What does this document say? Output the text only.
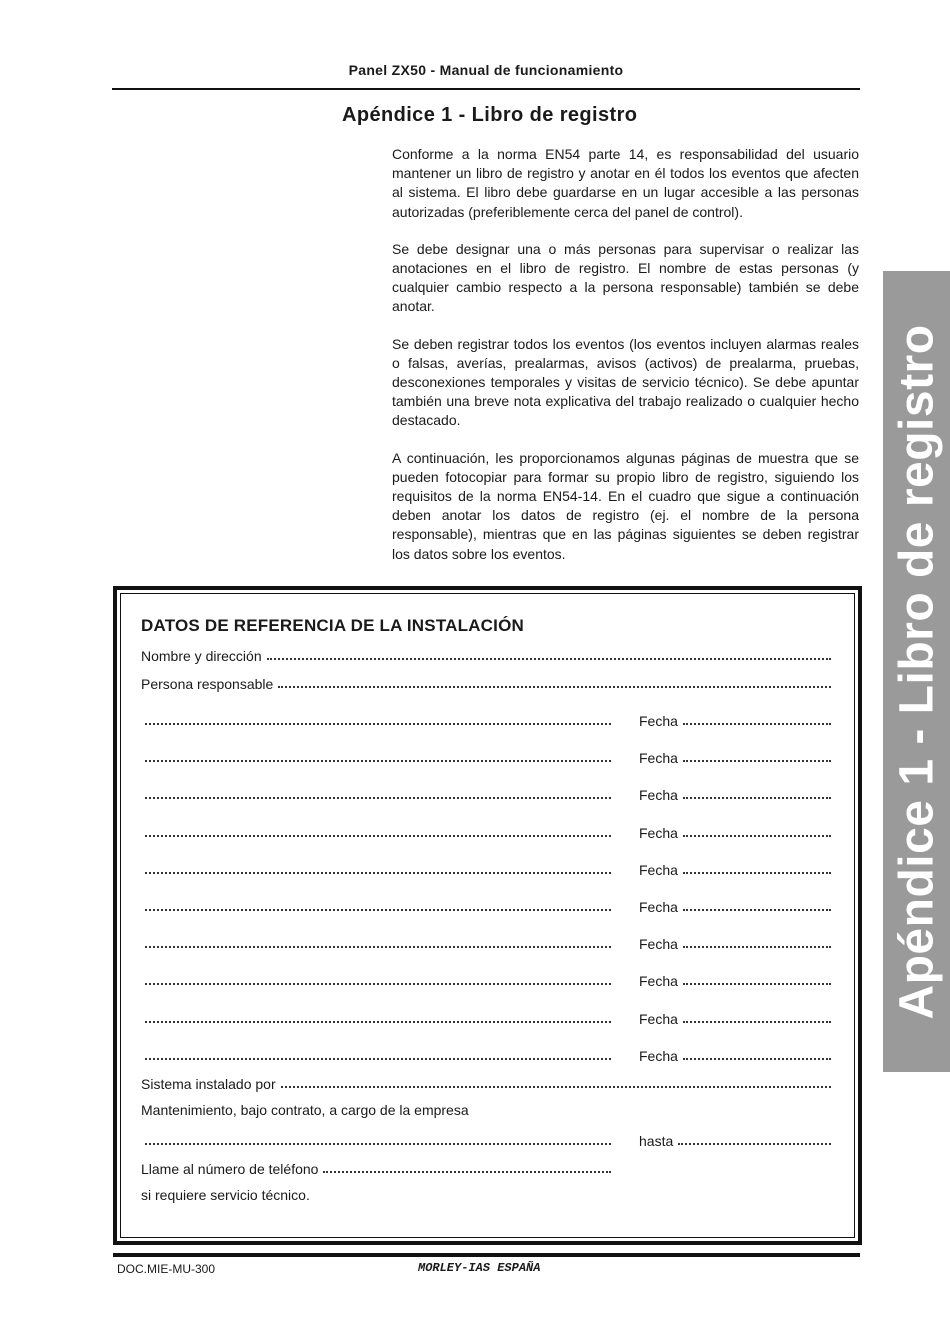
Panel ZX50 - Manual de funcionamiento
Apéndice 1 - Libro de registro

Conforme a la norma EN54 parte 14, es responsabilidad del usuario mantener un libro de registro y anotar en él todos los eventos que afecten al sistema. El libro debe guardarse en un lugar accesible a las personas autorizadas (preferiblemente cerca del panel de control).

Se debe designar una o más personas para supervisar o realizar las anotaciones en el libro de registro. El nombre de estas personas (y cualquier cambio respecto a la persona responsable) también se debe anotar.

Se deben registrar todos los eventos (los eventos incluyen alarmas reales o falsas, averías, prealarmas, avisos (activos) de prealarma, pruebas, desconexiones temporales y visitas de servicio técnico). Se debe apuntar también una breve nota explicativa del trabajo realizado o cualquier hecho destacado.

A continuación, les proporcionamos algunas páginas de muestra que se pueden fotocopiar para formar su propio libro de registro, siguiendo los requisitos de la norma EN54-14. En el cuadro que sigue a continuación deben anotar los datos de registro (ej. el nombre de la persona responsable), mientras que en las páginas siguientes se deben registrar los datos sobre los eventos.	Apéndice 1 - Libro de registro
DATOS DE REFERENCIA DE LA INSTALACIÓN
Nombre y dirección
Persona responsable
Fecha
Fecha
Fecha
Fecha
Fecha
Fecha
Fecha
Fecha
Fecha
Fecha
Sistema instalado por
Mantenimiento, bajo contrato, a cargo de la empresa
hasta
Llame al número de teléfono
si requiere servicio técnico.
DOC.MIE-MU-300	MORLEY-IAS ESPAÑA
